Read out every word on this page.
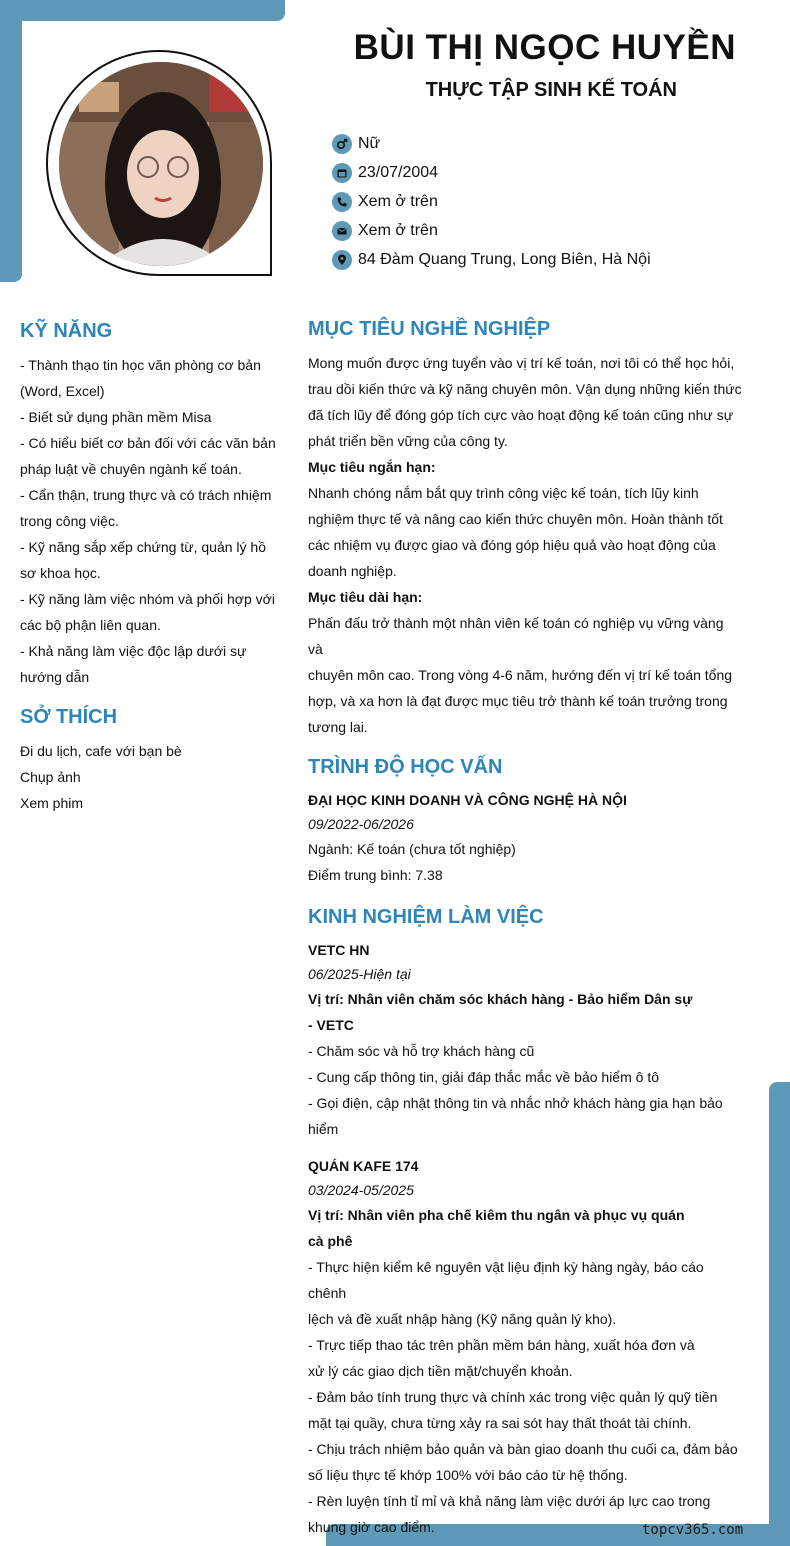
BÙI THỊ NGỌC HUYỀN
THỰC TẬP SINH KẾ TOÁN
Nữ
23/07/2004
Xem ở trên
Xem ở trên
84 Đàm Quang Trung, Long Biên, Hà Nội
KỸ NĂNG
- Thành thạo tin học văn phòng cơ bản
(Word, Excel)
- Biết sử dụng phần mềm Misa
- Có hiểu biết cơ bản đối với các văn bản
pháp luật về chuyên ngành kế toán.
- Cẩn thận, trung thực và có trách nhiệm
trong công việc.
- Kỹ năng sắp xếp chứng từ, quản lý hồ
sơ khoa học.
- Kỹ năng làm việc nhóm và phối hợp với
các bộ phận liên quan.
- Khả năng làm việc độc lập dưới sự
hướng dẫn
SỞ THÍCH
Đi du lịch, cafe với bạn bè
Chụp ảnh
Xem phim
MỤC TIÊU NGHỀ NGHIỆP
Mong muốn được ứng tuyển vào vị trí kế toán, nơi tôi có thể học hỏi,
trau dồi kiến thức và kỹ năng chuyên môn. Vận dụng những kiến thức
đã tích lũy để đóng góp tích cực vào hoạt động kế toán cũng như sự
phát triển bền vững của công ty.
Mục tiêu ngắn hạn:
Nhanh chóng nắm bắt quy trình công việc kế toán, tích lũy kinh
nghiệm thực tế và nâng cao kiến thức chuyên môn. Hoàn thành tốt
các nhiệm vụ được giao và đóng góp hiệu quả vào hoạt động của
doanh nghiệp.
Mục tiêu dài hạn:
Phấn đấu trở thành một nhân viên kế toán có nghiệp vụ vững vàng và
chuyên môn cao. Trong vòng 4-6 năm, hướng đến vị trí kế toán tổng
hợp, và xa hơn là đạt được mục tiêu trở thành kế toán trưởng trong
tương lai.
TRÌNH ĐỘ HỌC VẤN
ĐẠI HỌC KINH DOANH VÀ CÔNG NGHỆ HÀ NỘI
09/2022-06/2026
Ngành: Kế toán (chưa tốt nghiệp)
Điểm trung bình: 7.38
KINH NGHIỆM LÀM VIỆC
VETC HN
06/2025-Hiện tại
Vị trí: Nhân viên chăm sóc khách hàng - Bảo hiểm Dân sự
- VETC
- Chăm sóc và hỗ trợ khách hàng cũ
- Cung cấp thông tin, giải đáp thắc mắc về bảo hiểm ô tô
- Gọi điện, cập nhật thông tin và nhắc nhở khách hàng gia hạn bảo
hiểm
QUÁN KAFE 174
03/2024-05/2025
Vị trí: Nhân viên pha chế kiêm thu ngân và phục vụ quán
cà phê
- Thực hiện kiểm kê nguyên vật liệu định kỳ hàng ngày, báo cáo chênh
lệch và đề xuất nhập hàng (Kỹ năng quản lý kho).
- Trực tiếp thao tác trên phần mềm bán hàng, xuất hóa đơn và
xử lý các giao dịch tiền mặt/chuyển khoản.
- Đảm bảo tính trung thực và chính xác trong việc quản lý quỹ tiền
mặt tại quầy, chưa từng xảy ra sai sót hay thất thoát tài chính.
- Chịu trách nhiệm bảo quản và bàn giao doanh thu cuối ca, đảm bảo
số liệu thực tế khớp 100% với báo cáo từ hệ thống.
- Rèn luyện tính tỉ mỉ và khả năng làm việc dưới áp lực cao trong
khung giờ cao điểm.	topcv365.com
